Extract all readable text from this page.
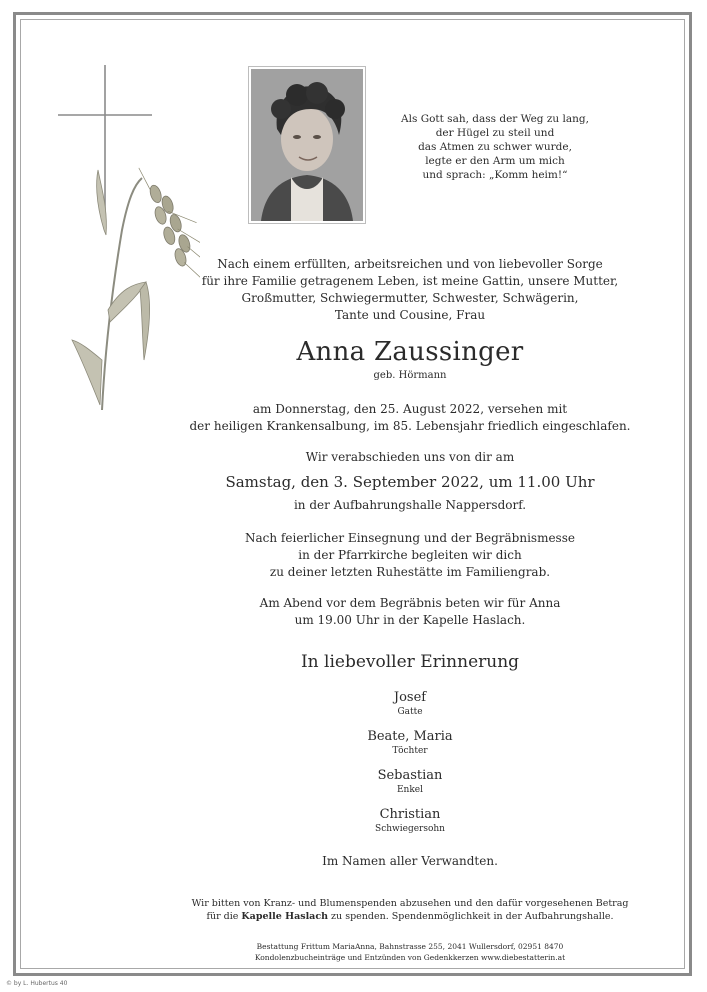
Als Gott sah, dass der Weg zu lang,
der Hügel zu steil und
das Atmen zu schwer wurde,
legte er den Arm um mich
und sprach: „Komm heim!“
Nach einem erfüllten, arbeitsreichen und von liebevoller Sorge
für ihre Familie getragenem Leben, ist meine Gattin, unsere Mutter,
Großmutter, Schwiegermutter, Schwester, Schwägerin,
Tante und Cousine, Frau
Anna Zaussinger
geb. Hörmann
am Donnerstag, den 25. August 2022, versehen mit
der heiligen Krankensalbung, im 85. Lebensjahr friedlich eingeschlafen.
Wir verabschieden uns von dir am
Samstag, den 3. September 2022, um 11.00 Uhr
in der Aufbahrungshalle Nappersdorf.
Nach feierlicher Einsegnung und der Begräbnismesse
in der Pfarrkirche begleiten wir dich
zu deiner letzten Ruhestätte im Familiengrab.
Am Abend vor dem Begräbnis beten wir für Anna
um 19.00 Uhr in der Kapelle Haslach.
In liebevoller Erinnerung
Josef
Gatte
Beate, Maria
Töchter
Sebastian
Enkel
Christian
Schwiegersohn
Im Namen aller Verwandten.
Wir bitten von Kranz- und Blumenspenden abzusehen und den dafür vorgesehenen Betrag
für die Kapelle Haslach zu spenden. Spendenmöglichkeit in der Aufbahrungshalle.
Bestattung Frittum MariaAnna, Bahnstrasse 255, 2041 Wullersdorf, 02951 8470
Kondolenzbucheinträge und Entzünden von Gedenkkerzen www.diebestatterin.at
© by L. Hubertus 40
